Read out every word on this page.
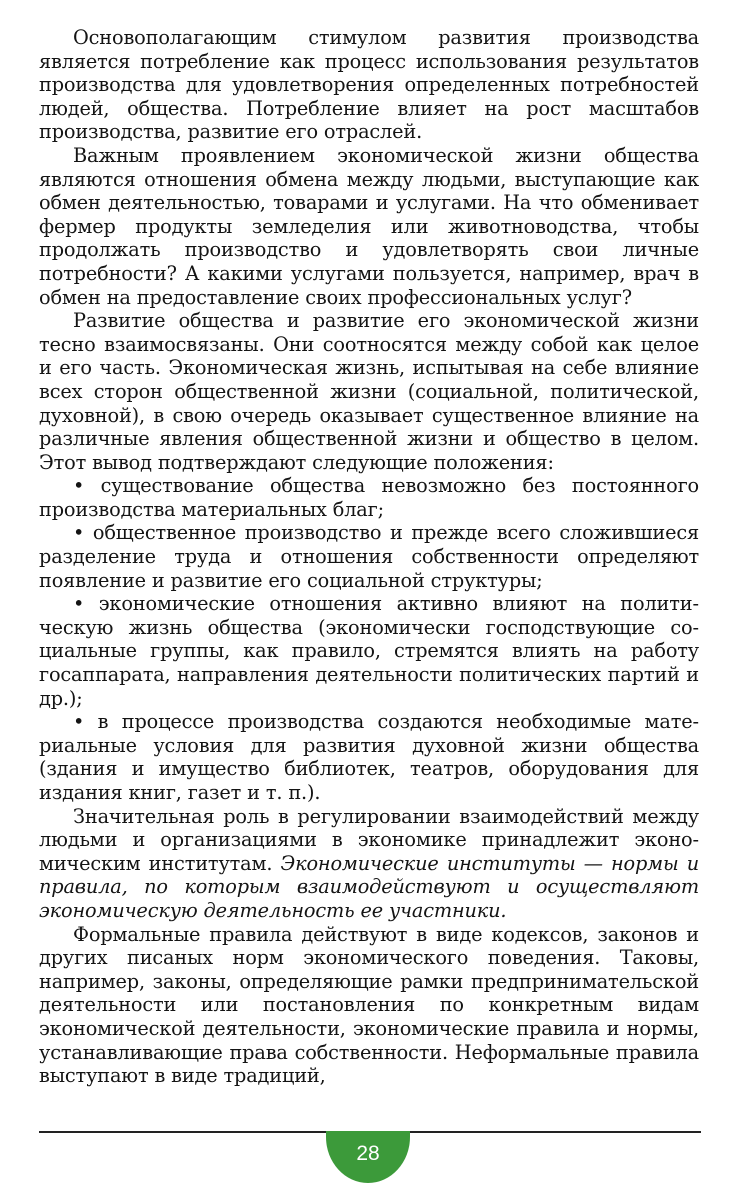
Основополагающим стимулом развития производства является потребление как процесс использования результатов производства для удовлетворения определенных потребностей людей, общества. Потребление влияет на рост масштабов производства, развитие его отраслей.

Важным проявлением экономической жизни общества являются отношения обмена между людьми, выступающие как обмен деятельностью, товарами и услугами. На что обменивает фермер продукты земледелия или животноводства, чтобы продолжать производство и удовлетворять свои личные потребности? А какими услугами пользуется, например, врач в обмен на предоставление своих профессиональных услуг?

Развитие общества и развитие его экономической жизни тесно взаимосвязаны. Они соотносятся между собой как целое и его часть. Экономическая жизнь, испытывая на себе влияние всех сторон общественной жизни (социальной, политической, духовной), в свою очередь оказывает существенное влияние на различные явления общественной жизни и общество в целом. Этот вывод подтверждают следующие положения:

• существование общества невозможно без постоянного производства материальных благ;

• общественное производство и прежде всего сложившиеся разделение труда и отношения собственности определяют появление и развитие его социальной структуры;

• экономические отношения активно влияют на политическую жизнь общества (экономически господствующие социальные группы, как правило, стремятся влиять на работу госаппарата, направления деятельности политических партий и др.);

• в процессе производства создаются необходимые материальные условия для развития духовной жизни общества (здания и имущество библиотек, театров, оборудования для издания книг, газет и т. п.).

Значительная роль в регулировании взаимодействий между людьми и организациями в экономике принадлежит экономическим институтам. Экономические институты — нормы и правила, по которым взаимодействуют и осуществляют экономическую деятельность ее участники.

Формальные правила действуют в виде кодексов, законов и других писаных норм экономического поведения. Таковы, например, законы, определяющие рамки предпринимательской деятельности или постановления по конкретным видам экономической деятельности, экономические правила и нормы, устанавливающие права собственности. Неформальные правила выступают в виде традиций,

28
